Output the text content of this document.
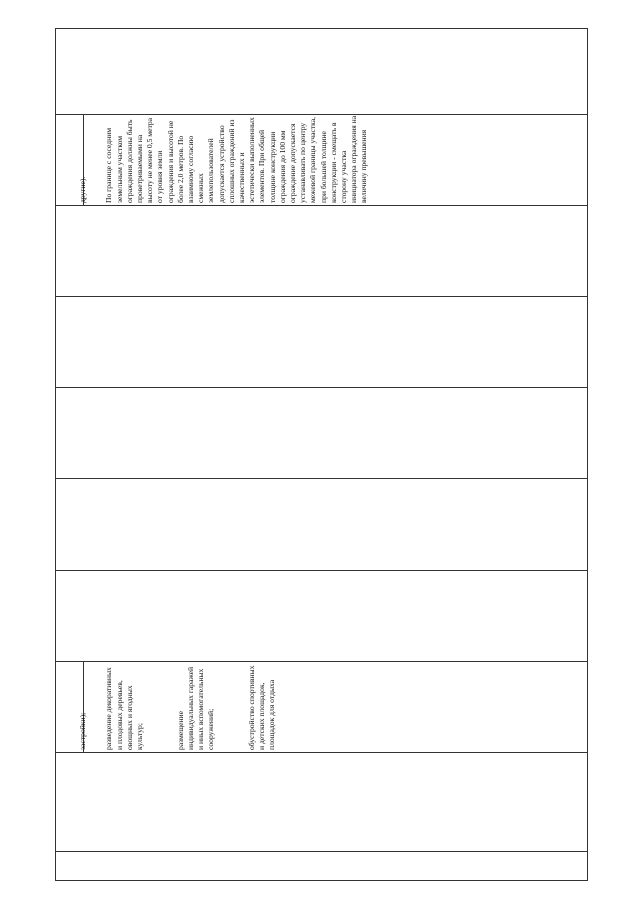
другие).

По границе с соседним земельным участком ограждения должны быть проветриваемыми на высоту не менее 0,5 метра от уровня земли ограждения и высотой не более 2,0 метров. По взаимному согласию смежных землепользователей допускается устройство сплошных ограждений из качественных и эстетически выполненных элементов. При общей толщине конструкции ограждения до 100 мм ограждение допускается устанавливать по центру межевой границы участка, при большей толщине конструкции - смещать в сторону участка инициатора ограждения на величину превышения

застройки);

разведение декоративных и плодовых деревьев, овощных и ягодных культур;

	размещение индивидуальных гаражей и иных вспомогательных сооружений;

	обустройство спортивных и детских площадок, площадок для отдыха
